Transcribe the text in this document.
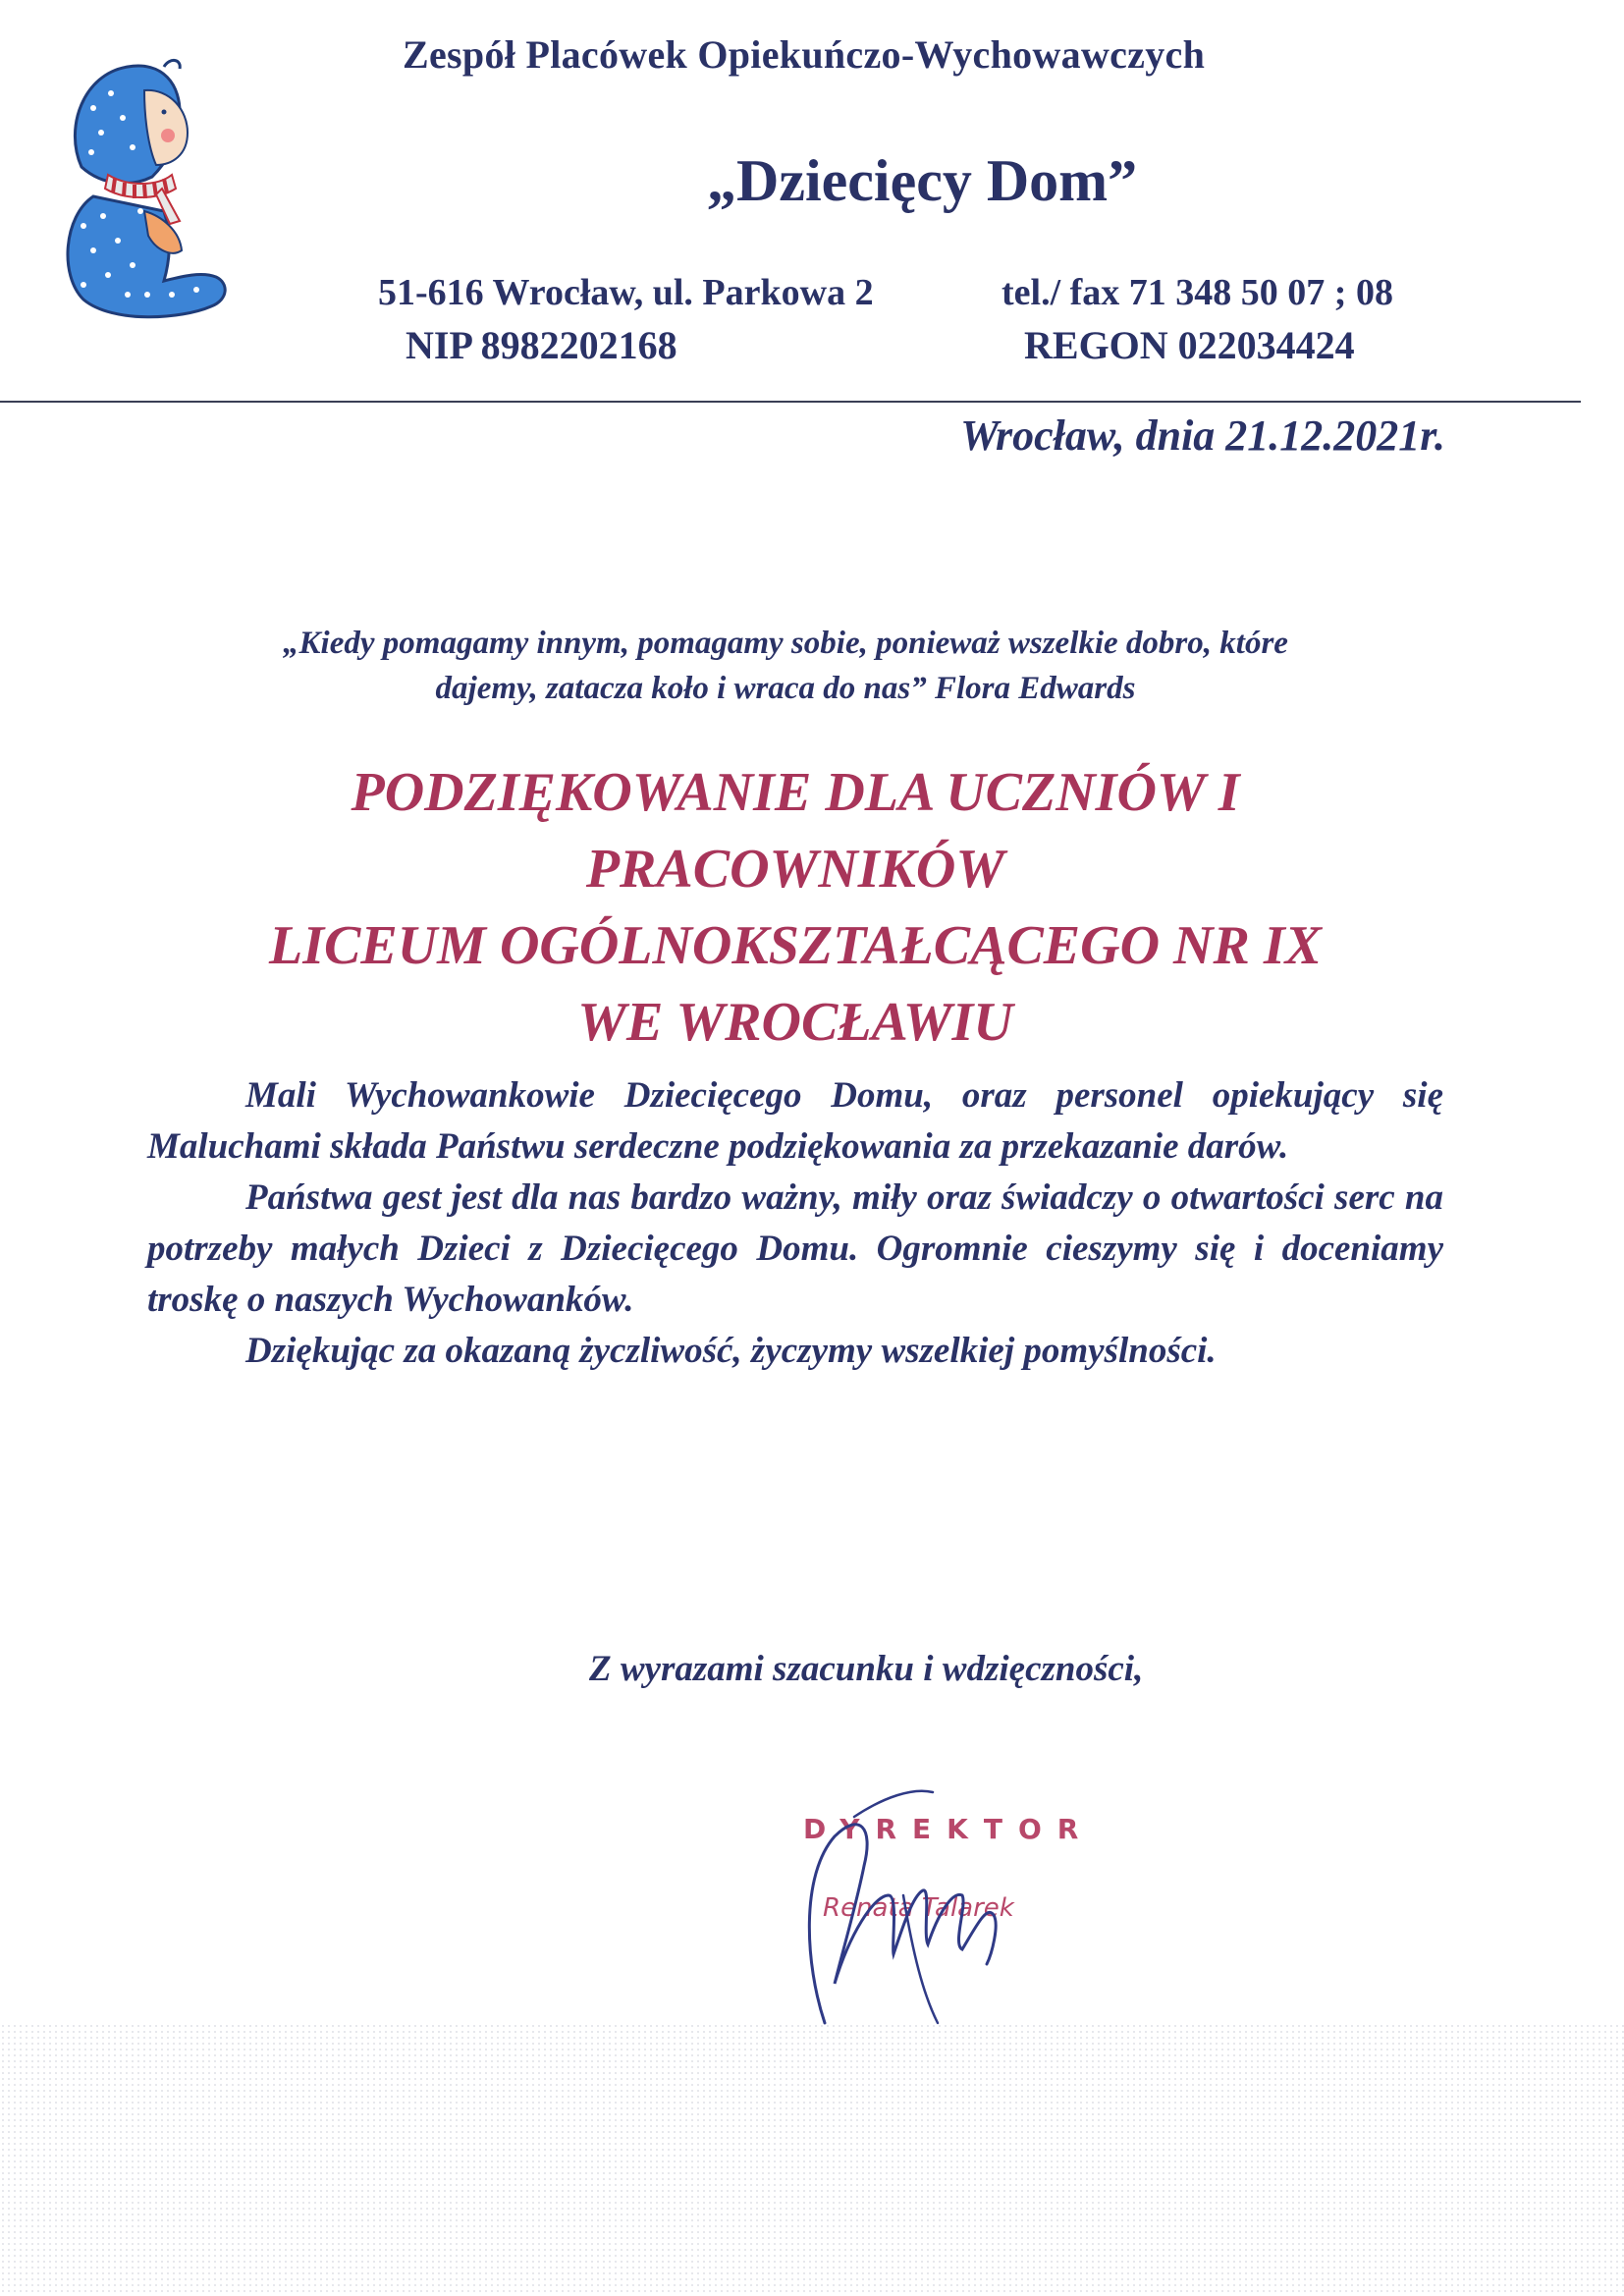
Zespół Placówek Opiekuńczo-Wychowawczych
„Dziecięcy Dom”
51-616 Wrocław, ul. Parkowa 2	tel./ fax 71 348 50 07 ; 08
NIP 8982202168	REGON 022034424
Wrocław, dnia 21.12.2021r.
„Kiedy pomagamy innym, pomagamy sobie, ponieważ wszelkie dobro, które
dajemy, zatacza koło i wraca do nas” Flora Edwards
PODZIĘKOWANIE DLA UCZNIÓW I
PRACOWNIKÓW
LICEUM OGÓLNOKSZTAŁCĄCEGO NR IX
WE WROCŁAWIU

Mali Wychowankowie Dziecięcego Domu, oraz personel opiekujący się Maluchami składa Państwu serdeczne podziękowania za przekazanie darów.

Państwa gest jest dla nas bardzo ważny, miły oraz świadczy o otwartości serc na potrzeby małych Dzieci z Dziecięcego Domu. Ogromnie cieszymy się i doceniamy troskę o naszych Wychowanków.

Dziękując za okazaną życzliwość, życzymy wszelkiej pomyślności.

Z wyrazami szacunku i wdzięczności,
DYREKTOR
Renata Talarek
